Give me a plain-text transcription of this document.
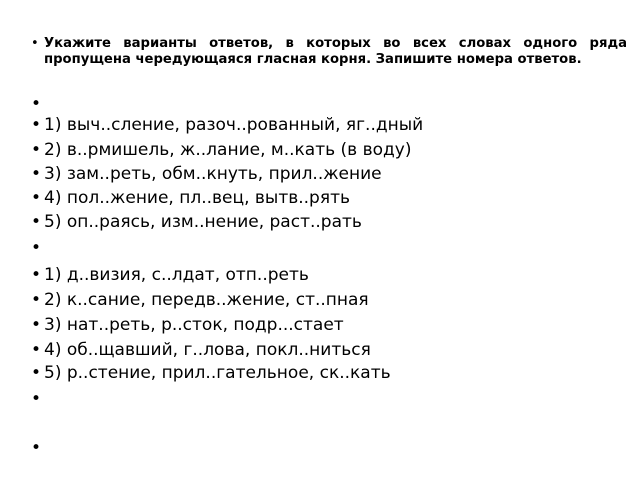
• Укажите варианты ответов, в которых во всех словах одного ряда пропущена чередующаяся гласная корня. Запишите номера ответов.
•
• 1) выч..сление, разоч..рованный, яг..дный
• 2) в..рмишель, ж..лание, м..кать (в воду)
• 3) зам..реть, обм..кнуть, прил..жение
• 4) пол..жение, пл..вец, вытв..рять
• 5) оп..раясь, изм..нение, раст..рать
•
• 1) д..визия, с..лдат, отп..реть
• 2) к..сание, передв..жение, ст..пная
• 3) нат..реть, р..сток, подр...стает
• 4) об..щавший, г..лова, покл..ниться
• 5) р..стение, прил..гательное, ск..кать
•
•
